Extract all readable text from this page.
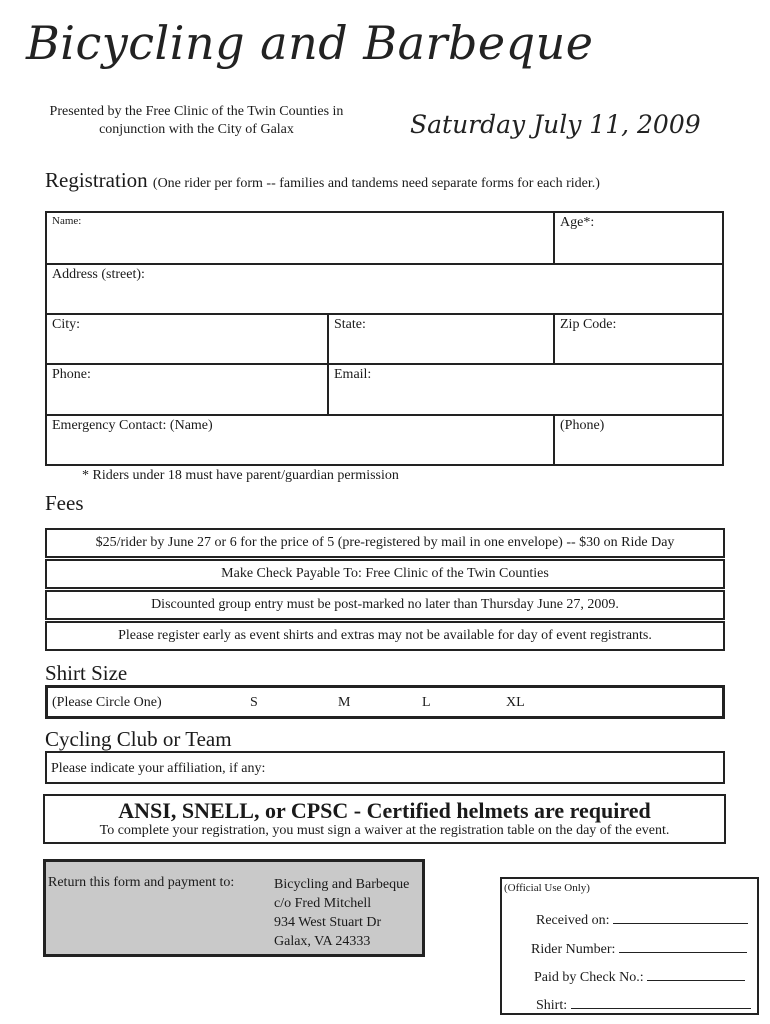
Bicycling and Barbeque
Presented by the Free Clinic of the Twin Counties in
conjunction with the City of Galax	Saturday July 11, 2009
Registration (One rider per form -- families and tandems need separate forms for each rider.)
Name:	Age*:
Address (street):
City:	State:	Zip Code:
Phone:	Email:
Emergency Contact: (Name)	(Phone)
* Riders under 18 must have parent/guardian permission
Fees
$25/rider by June 27 or 6 for the price of 5 (pre-registered by mail in one envelope) -- $30 on Ride Day
Make Check Payable To: Free Clinic of the Twin Counties
Discounted group entry must be post-marked no later than Thursday June 27, 2009.
Please register early as event shirts and extras may not be available for day of event registrants.
Shirt Size
(Please Circle One)	S	M	L	XL
Cycling Club or Team
Please indicate your affiliation, if any:
ANSI, SNELL, or CPSC - Certified helmets are required
To complete your registration, you must sign a waiver at the registration table on the day of the event.
Return this form and payment to:	Bicycling and Barbeque
c/o Fred Mitchell
934 West Stuart Dr
Galax, VA 24333
(Official Use Only)
Received on:
Rider Number:
Paid by Check No.:
Shirt:
